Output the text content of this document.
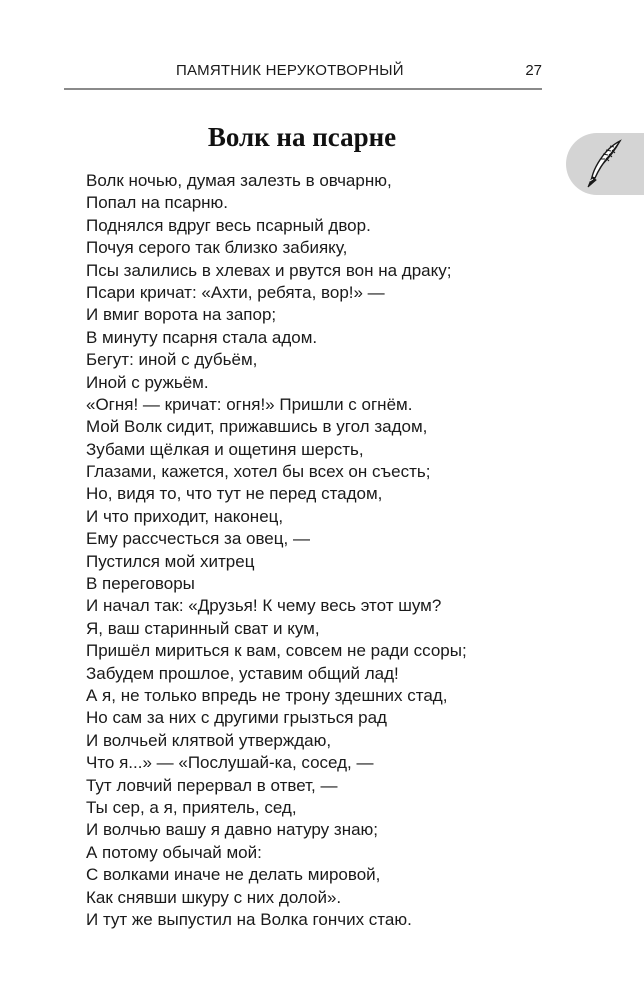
ПАМЯТНИК НЕРУКОТВОРНЫЙ	27
Волк на псарне
Волк ночью, думая залезть в овчарню,
Попал на псарню.
Поднялся вдруг весь псарный двор.
Почуя серого так близко забияку,
Псы залились в хлевах и рвутся вон на драку;
Псари кричат: «Ахти, ребята, вор!» —
И вмиг ворота на запор;
В минуту псарня стала адом.
Бегут: иной с дубьём,
Иной с ружьём.
«Огня! — кричат: огня!» Пришли с огнём.
Мой Волк сидит, прижавшись в угол задом,
Зубами щёлкая и ощетиня шерсть,
Глазами, кажется, хотел бы всех он съесть;
Но, видя то, что тут не перед стадом,
И что приходит, наконец,
Ему рассчесться за овец, —
Пустился мой хитрец
В переговоры
И начал так: «Друзья! К чему весь этот шум?
Я, ваш старинный сват и кум,
Пришёл мириться к вам, совсем не ради ссоры;
Забудем прошлое, уставим общий лад!
А я, не только впредь не трону здешних стад,
Но сам за них с другими грызться рад
И волчьей клятвой утверждаю,
Что я...» — «Послушай-ка, сосед, —
Тут ловчий перервал в ответ, —
Ты сер, а я, приятель, сед,
И волчью вашу я давно натуру знаю;
А потому обычай мой:
С волками иначе не делать мировой,
Как снявши шкуру с них долой».
И тут же выпустил на Волка гончих стаю.
